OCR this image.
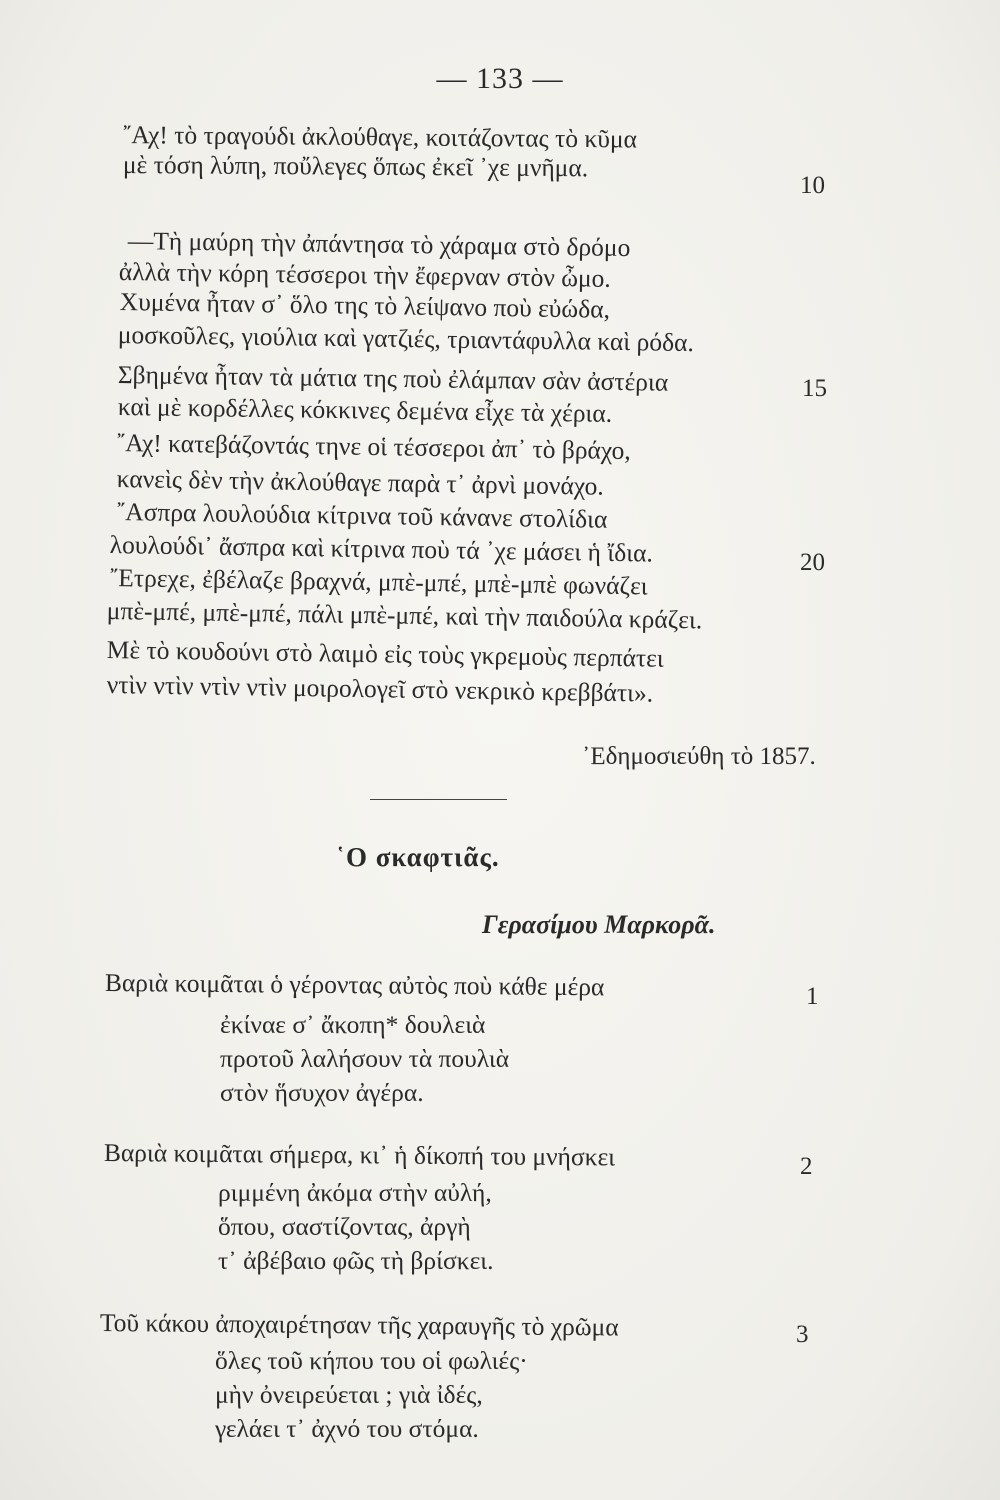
— 133 —
῎Αχ! τὸ τραγούδι ἀκλούθαγε, κοιτάζοντας τὸ κῦμα
μὲ τόση λύπη, ποὔλεγες ὅπως ἐκεῖ ᾿χε μνῆμα.
10
—Τὴ μαύρη τὴν ἀπάντησα τὸ χάραμα στὸ δρόμο
ἀλλὰ τὴν κόρη τέσσεροι τὴν ἔφερναν στὸν ὦμο.
Χυμένα ἦταν σ᾿ ὅλο της τὸ λείψανο ποὺ εὐώδα,
μοσκοῦλες, γιούλια καὶ γατζιές, τριαντάφυλλα καὶ ρόδα.
Σβημένα ἦταν τὰ μάτια της ποὺ ἐλάμπαν σὰν ἀστέρια	15
καὶ μὲ κορδέλλες κόκκινες δεμένα εἶχε τὰ χέρια.
῎Αχ! κατεβάζοντάς τηνε οἱ τέσσεροι ἀπ᾿ τὸ βράχο,
κανεὶς δὲν τὴν ἀκλούθαγε παρὰ τ᾿ ἀρνὶ μονάχο.
῎Ασπρα λουλούδια κίτρινα τοῦ κάνανε στολίδια
λουλούδι᾿ ἄσπρα καὶ κίτρινα ποὺ τά ᾿χε μάσει ἡ ἴδια.	20
῎Ετρεχε, ἐβέλαζε βραχνά, μπὲ-μπέ, μπὲ-μπὲ φωνάζει
μπὲ-μπέ, μπὲ-μπέ, πάλι μπὲ-μπέ, καὶ τὴν παιδούλα κράζει.
Μὲ τὸ κουδούνι στὸ λαιμὸ εἰς τοὺς γκρεμοὺς περπάτει
ντὶν ντὶν ντὶν ντὶν μοιρολογεῖ στὸ νεκρικὸ κρεββάτι».
᾿Εδημοσιεύθη τὸ 1857.
῾Ο σκαφτιᾶς.
Γερασίμου Μαρκορᾶ.
Βαριὰ κοιμᾶται ὁ γέροντας αὐτὸς ποὺ κάθε μέρα	1
ἐκίναε σ᾿ ἄκοπη* δουλειὰ
προτοῦ λαλήσουν τὰ πουλιὰ
στὸν ἥσυχον ἀγέρα.
Βαριὰ κοιμᾶται σήμερα, κι᾿ ἡ δίκοπή του μνήσκει	2
ριμμένη ἀκόμα στὴν αὐλή,
ὅπου, σαστίζοντας, ἀργὴ
τ᾿ ἀβέβαιο φῶς τὴ βρίσκει.
Τοῦ κάκου ἀποχαιρέτησαν τῆς χαραυγῆς τὸ χρῶμα	3
ὅλες τοῦ κήπου του οἱ φωλιές·
μὴν ὀνειρεύεται ; γιὰ ἰδές,
γελάει τ᾿ ἀχνό του στόμα.
